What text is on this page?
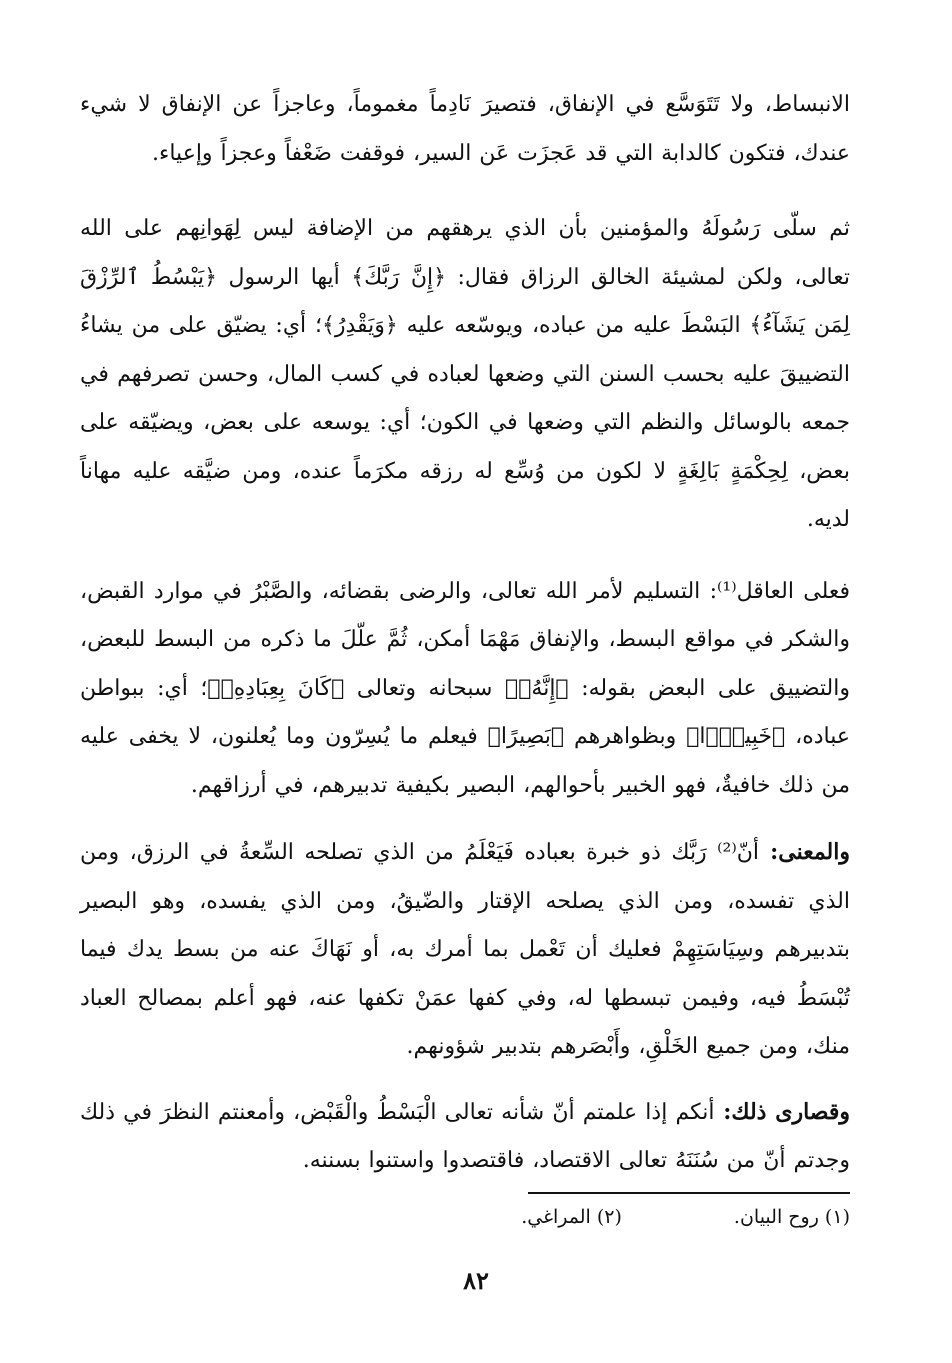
الانبساط، ولا تَتَوَسَّع في الإنفاق، فتصيرَ نَادِماً مغموماً، وعاجزاً عن الإنفاق لا شيء عندك، فتكون كالدابة التي قد عَجزَت عَن السير، فوقفت ضَعْفاً وعجزاً وإعياء.

ثم سلّى رَسُولَهُ والمؤمنين بأن الذي يرهقهم من الإضافة ليس لِهَوانِهم على الله تعالى، ولكن لمشيئة الخالق الرزاق فقال: ﴿إِنَّ رَبَّكَ﴾ أيها الرسول ﴿يَبْسُطُ ٱلرِّزْقَ لِمَن يَشَآءُ﴾ البَسْطَ عليه من عباده، ويوسّعه عليه ﴿وَيَقْدِرُ﴾؛ أي: يضيّق على من يشاءُ التضييقَ عليه بحسب السنن التي وضعها لعباده في كسب المال، وحسن تصرفهم في جمعه بالوسائل والنظم التي وضعها في الكون؛ أي: يوسعه على بعض، ويضيّقه على بعض، لِحِكْمَةٍ بَالِغَةٍ لا لكون من وُسِّع له رزقه مكرَماً عنده، ومن ضيَّقه عليه مهاناً لديه.

فعلى العاقل⁽¹⁾: التسليم لأمر الله تعالى، والرضى بقضائه، والصَّبْرُ في موارد القبض، والشكر في مواقع البسط، والإنفاق مَهْمَا أمكن، ثُمَّ علّلَ ما ذكره من البسط للبعض، والتضييق على البعض بقوله: ﴿إِنَّهُۥ﴾ سبحانه وتعالى ﴿كَانَ بِعِبَادِهِۦ﴾؛ أي: ببواطن عباده، ﴿خَبِيرًۢا﴾ وبظواهرهم ﴿بَصِيرًا﴾ فيعلم ما يُسِرّون وما يُعلنون، لا يخفى عليه من ذلك خافيةٌ، فهو الخبير بأحوالهم، البصير بكيفية تدبيرهم، في أرزاقهم.

والمعنى: أنّ⁽²⁾ رَبَّك ذو خبرة بعباده فَيَعْلَمُ من الذي تصلحه السِّعةُ في الرزق، ومن الذي تفسده، ومن الذي يصلحه الإقتار والضّيقُ، ومن الذي يفسده، وهو البصير بتدبيرهم وسِيَاسَتِهِمْ فعليك أن تَعْمل بما أمرك به، أو نَهَاكَ عنه من بسط يدك فيما تُبْسَطُ فيه، وفيمن تبسطها له، وفي كفها عمَنْ تكفها عنه، فهو أعلم بمصالح العباد منك، ومن جميع الخَلْقِ، وأَبْصَرهم بتدبير شؤونهم.

وقصارى ذلك: أنكم إذا علمتم أنّ شأنه تعالى الْبَسْطُ والْقَبْض، وأمعنتم النظرَ في ذلك وجدتم أنّ من سُنَنَهُ تعالى الاقتصاد، فاقتصدوا واستنوا بسننه.

(١) روح البيان.
(٢) المراغي.
٨٢
